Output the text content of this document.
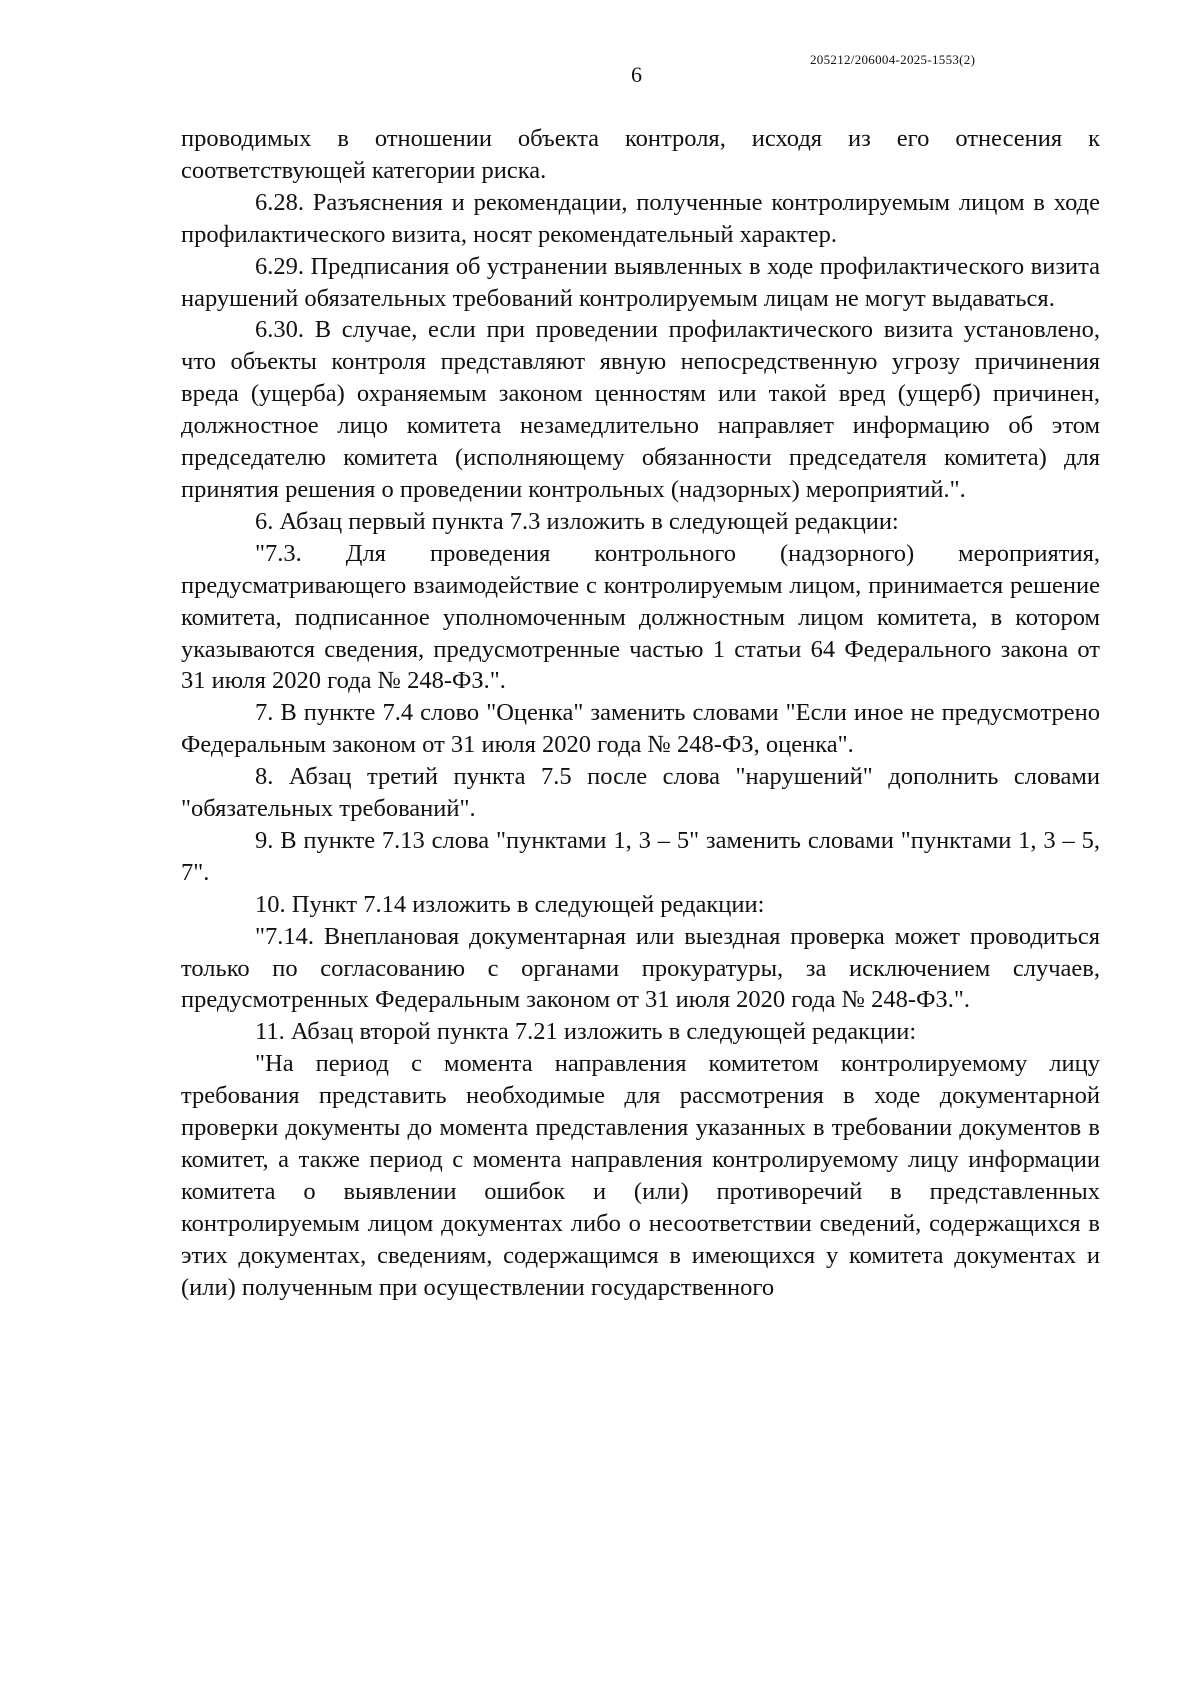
205212/206004-2025-1553(2)
6

проводимых в отношении объекта контроля, исходя из его отнесения к соответствующей категории риска.

6.28. Разъяснения и рекомендации, полученные контролируемым лицом в ходе профилактического визита, носят рекомендательный характер.

6.29. Предписания об устранении выявленных в ходе профилактического визита нарушений обязательных требований контролируемым лицам не могут выдаваться.

6.30. В случае, если при проведении профилактического визита установлено, что объекты контроля представляют явную непосредственную угрозу причинения вреда (ущерба) охраняемым законом ценностям или такой вред (ущерб) причинен, должностное лицо комитета незамедлительно направляет информацию об этом председателю комитета (исполняющему обязанности председателя комитета) для принятия решения о проведении контрольных (надзорных) мероприятий.".

6. Абзац первый пункта 7.3 изложить в следующей редакции:

"7.3. Для проведения контрольного (надзорного) мероприятия, предусматривающего взаимодействие с контролируемым лицом, принимается решение комитета, подписанное уполномоченным должностным лицом комитета, в котором указываются сведения, предусмотренные частью 1 статьи 64 Федерального закона от 31 июля 2020 года № 248-ФЗ.".

7. В пункте 7.4 слово "Оценка" заменить словами "Если иное не предусмотрено Федеральным законом от 31 июля 2020 года № 248-ФЗ, оценка".

8. Абзац третий пункта 7.5 после слова "нарушений" дополнить словами "обязательных требований".

9. В пункте 7.13 слова "пунктами 1, 3 – 5" заменить словами "пунктами 1, 3 – 5, 7".

10. Пункт 7.14 изложить в следующей редакции:

"7.14. Внеплановая документарная или выездная проверка может проводиться только по согласованию с органами прокуратуры, за исключением случаев, предусмотренных Федеральным законом от 31 июля 2020 года № 248-ФЗ.".

11. Абзац второй пункта 7.21 изложить в следующей редакции:

"На период с момента направления комитетом контролируемому лицу требования представить необходимые для рассмотрения в ходе документарной проверки документы до момента представления указанных в требовании документов в комитет, а также период с момента направления контролируемому лицу информации комитета о выявлении ошибок и (или) противоречий в представленных контролируемым лицом документах либо о несоответствии сведений, содержащихся в этих документах, сведениям, содержащимся в имеющихся у комитета документах и (или) полученным при осуществлении государственного
